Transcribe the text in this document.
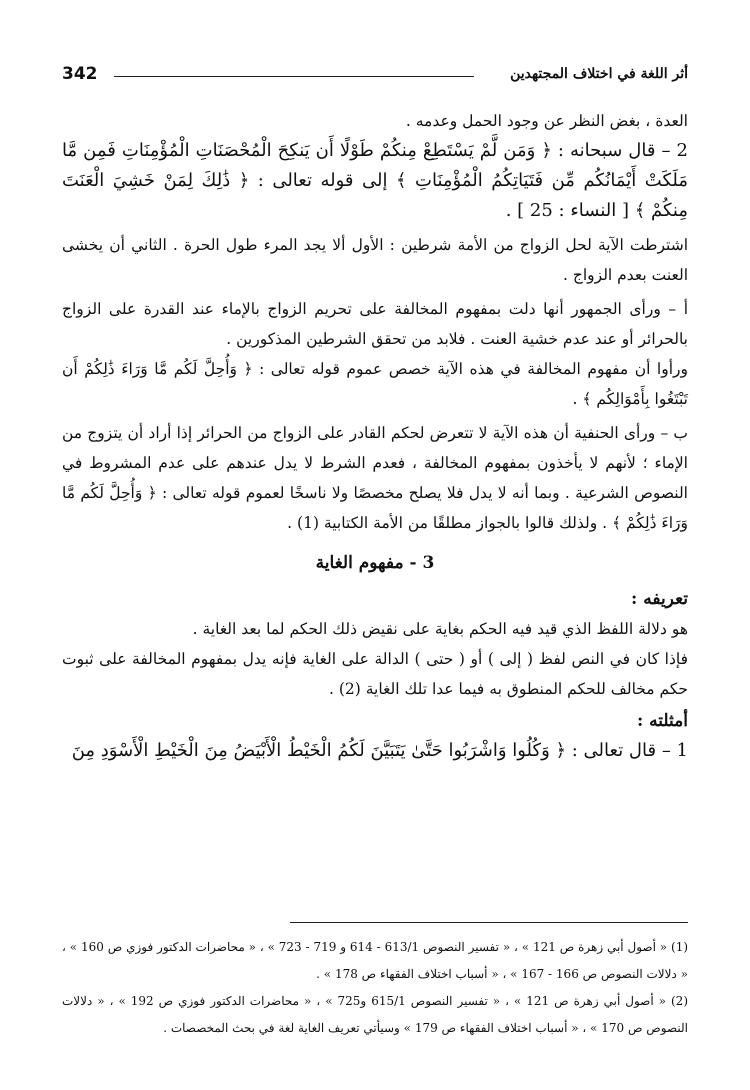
342	أثر اللغة في اختلاف المجتهدين

العدة ، بغض النظر عن وجود الحمل وعدمه .

2 – قال سبحانه : ﴿ وَمَن لَّمْ يَسْتَطِعْ مِنكُمْ طَوْلًا أَن يَنكِحَ الْمُحْصَنَاتِ الْمُؤْمِنَاتِ فَمِن مَّا مَلَكَتْ أَيْمَانُكُم مِّن فَتَيَاتِكُمُ الْمُؤْمِنَاتِ ﴾ إلى قوله تعالى : ﴿ ذَٰلِكَ لِمَنْ خَشِيَ الْعَنَتَ مِنكُمْ ﴾ [ النساء : 25 ] .

اشترطت الآية لحل الزواج من الأمة شرطين : الأول ألا يجد المرء طول الحرة . الثاني أن يخشى العنت بعدم الزواج .

أ – ورأى الجمهور أنها دلت بمفهوم المخالفة على تحريم الزواج بالإماء عند القدرة على الزواج بالحرائر أو عند عدم خشية العنت . فلابد من تحقق الشرطين المذكورين .

ورأوا أن مفهوم المخالفة في هذه الآية خصص عموم قوله تعالى : ﴿ وَأُحِلَّ لَكُم مَّا وَرَاءَ ذَٰلِكُمْ أَن تَبْتَغُوا بِأَمْوَالِكُم ﴾ .

ب – ورأى الحنفية أن هذه الآية لا تتعرض لحكم القادر على الزواج من الحرائر إذا أراد أن يتزوج من الإماء ؛ لأنهم لا يأخذون بمفهوم المخالفة ، فعدم الشرط لا يدل عندهم على عدم المشروط في النصوص الشرعية . وبما أنه لا يدل فلا يصلح مخصصًا ولا ناسخًا لعموم قوله تعالى : ﴿ وَأُحِلَّ لَكُم مَّا وَرَاءَ ذَٰلِكُمْ ﴾ . ولذلك قالوا بالجواز مطلقًا من الأمة الكتابية (1) .

3 - مفهوم الغاية
تعريفه :

هو دلالة اللفظ الذي قيد فيه الحكم بغاية على نقيض ذلك الحكم لما بعد الغاية .

فإذا كان في النص لفظ ( إلى ) أو ( حتى ) الدالة على الغاية فإنه يدل بمفهوم المخالفة على ثبوت حكم مخالف للحكم المنطوق به فيما عدا تلك الغاية (2) .

أمثلته :

1 – قال تعالى : ﴿ وَكُلُوا وَاشْرَبُوا حَتَّىٰ يَتَبَيَّنَ لَكُمُ الْخَيْطُ الْأَبْيَضُ مِنَ الْخَيْطِ الْأَسْوَدِ مِنَ

(1) « أصول أبي زهرة ص 121 » ، « تفسير النصوص 613/1 - 614 و 719 - 723 » ، « محاضرات الدكتور فوزي ص 160 » ، « دلالات النصوص ص 166 - 167 » ، « أسباب اختلاف الفقهاء ص 178 » .

(2) « أصول أبي زهرة ص 121 » ، « تفسير النصوص 615/1 و725 » ، « محاضرات الدكتور فوزي ص 192 » ، « دلالات النصوص ص 170 » ، « أسباب اختلاف الفقهاء ص 179 » وسيأتي تعريف الغاية لغة في بحث المخصصات .
